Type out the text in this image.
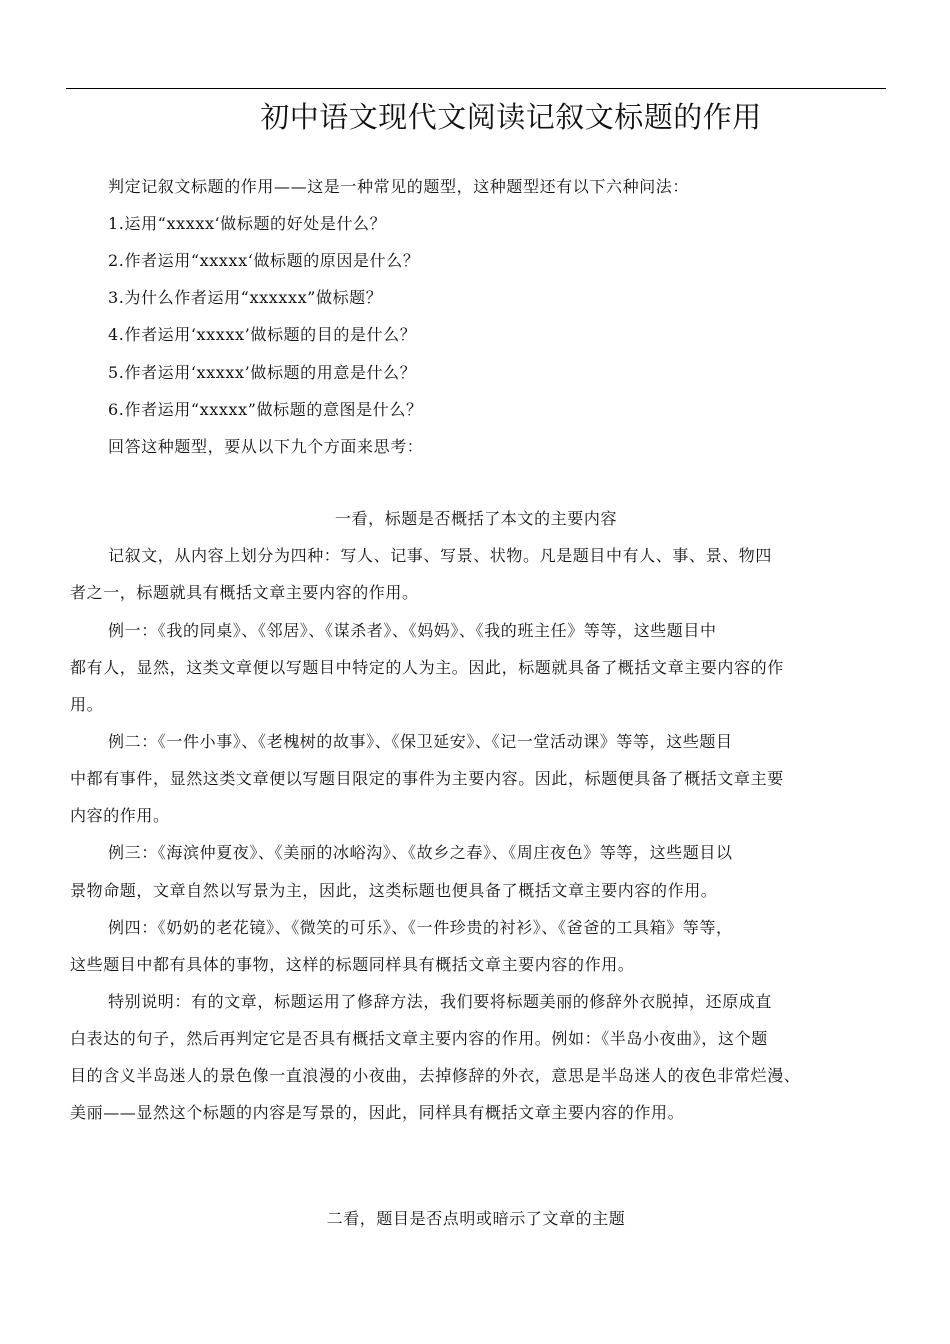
初中语文现代文阅读记叙文标题的作用
判定记叙文标题的作用——这是一种常见的题型，这种题型还有以下六种问法：
1.运用“xxxxx‘做标题的好处是什么？
2.作者运用“xxxxx‘做标题的原因是什么？
3.为什么作者运用“xxxxxx”做标题？
4.作者运用‘xxxxx’做标题的目的是什么？
5.作者运用‘xxxxx’做标题的用意是什么？
6.作者运用“xxxxx”做标题的意图是什么？
回答这种题型，要从以下九个方面来思考：
一看，标题是否概括了本文的主要内容
记叙文，从内容上划分为四种：写人、记事、写景、状物。凡是题目中有人、事、景、物四
者之一，标题就具有概括文章主要内容的作用。
例一：《我的同桌》、《邻居》、《谋杀者》、《妈妈》、《我的班主任》等等，这些题目中
都有人，显然，这类文章便以写题目中特定的人为主。因此，标题就具备了概括文章主要内容的作
用。
例二：《一件小事》、《老槐树的故事》、《保卫延安》、《记一堂活动课》等等，这些题目
中都有事件，显然这类文章便以写题目限定的事件为主要内容。因此，标题便具备了概括文章主要
内容的作用。
例三：《海滨仲夏夜》、《美丽的冰峪沟》、《故乡之春》、《周庄夜色》等等，这些题目以
景物命题，文章自然以写景为主，因此，这类标题也便具备了概括文章主要内容的作用。
例四：《奶奶的老花镜》、《微笑的可乐》、《一件珍贵的衬衫》、《爸爸的工具箱》等等，
这些题目中都有具体的事物，这样的标题同样具有概括文章主要内容的作用。
特别说明：有的文章，标题运用了修辞方法，我们要将标题美丽的修辞外衣脱掉，还原成直
白表达的句子，然后再判定它是否具有概括文章主要内容的作用。例如：《半岛小夜曲》，这个题
目的含义半岛迷人的景色像一直浪漫的小夜曲，去掉修辞的外衣，意思是半岛迷人的夜色非常烂漫、
美丽——显然这个标题的内容是写景的，因此，同样具有概括文章主要内容的作用。
二看，题目是否点明或暗示了文章的主题
